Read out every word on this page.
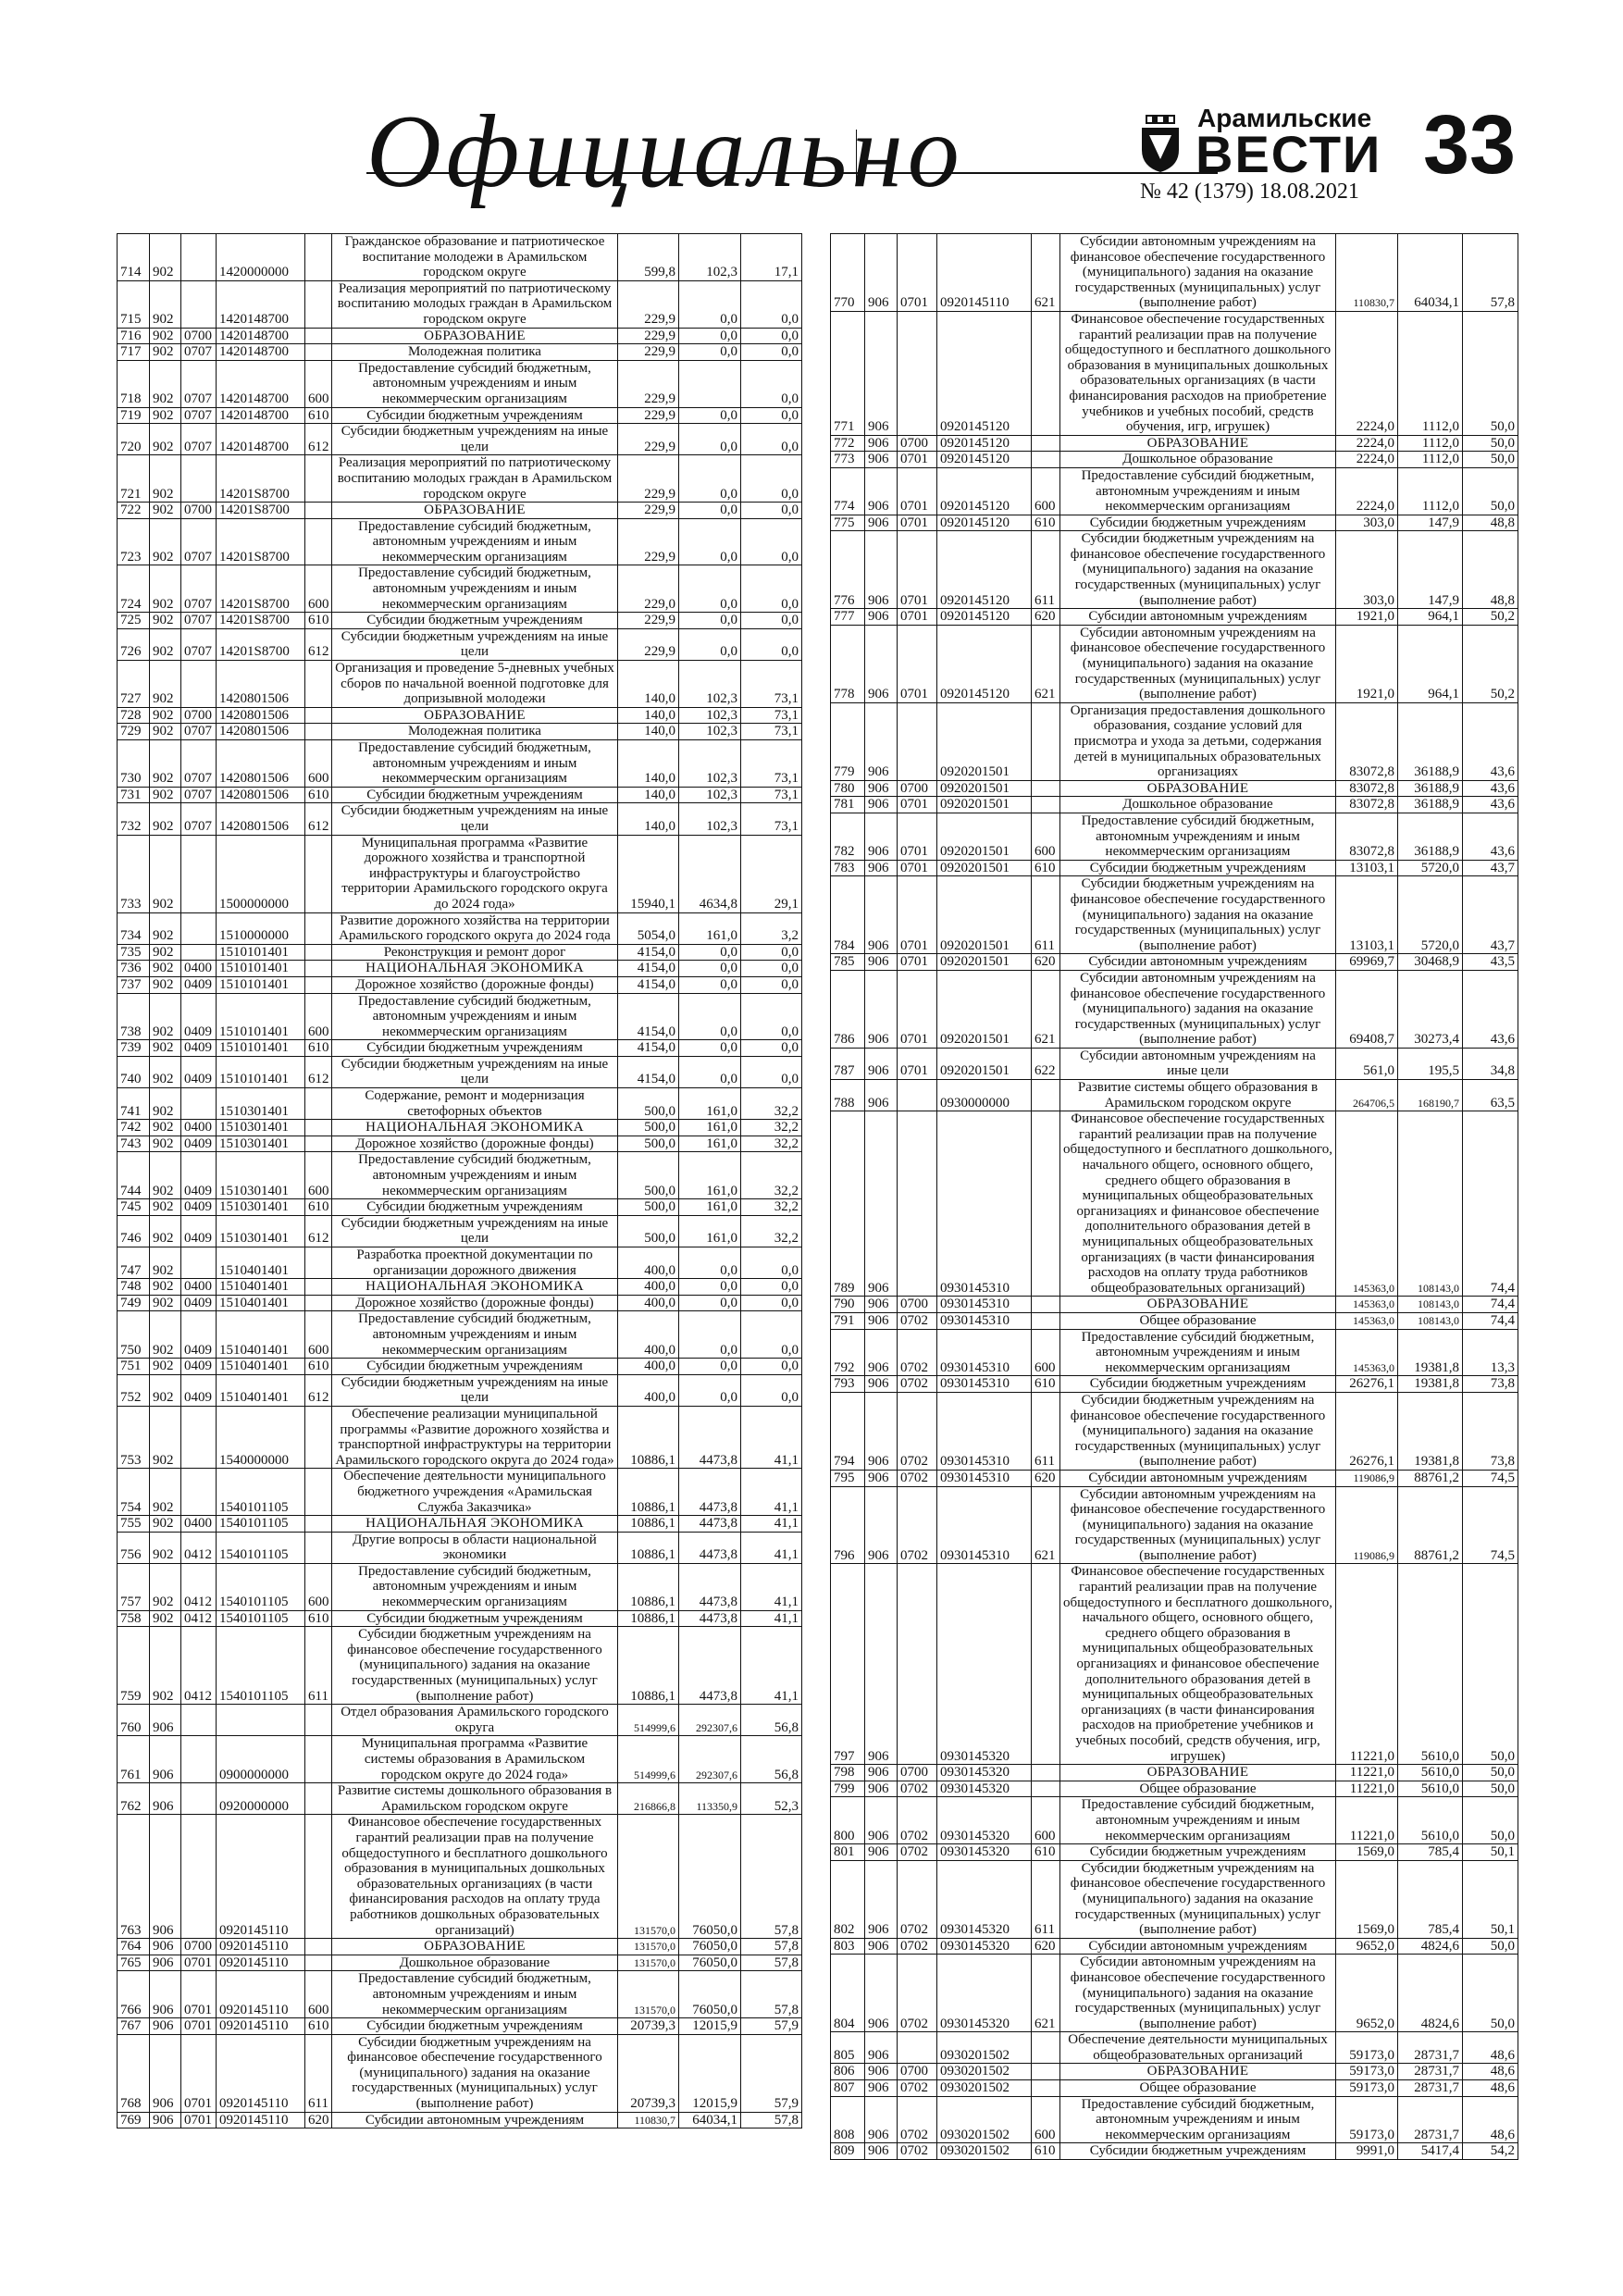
Официально	Арамильские
ВЕСТИ
№ 42 (1379) 18.08.2021 33
714	902		1420000000		Гражданское образование и патриотическое воспитание молодежи в Арамильском городском округе	599,8	102,3	17,1
715	902		1420148700		Реализация мероприятий по патриотическому воспитанию молодых граждан в Арамильском городском округе	229,9	0,0	0,0
716	902	0700	1420148700		ОБРАЗОВАНИЕ	229,9	0,0	0,0
717	902	0707	1420148700		Молодежная политика	229,9	0,0	0,0
718	902	0707	1420148700	600	Предоставление субсидий бюджетным, автономным учреждениям и иным некоммерческим организациям	229,9		0,0
719	902	0707	1420148700	610	Субсидии бюджетным учреждениям	229,9	0,0	0,0
720	902	0707	1420148700	612	Субсидии бюджетным учреждениям на иные цели	229,9	0,0	0,0
721	902		14201S8700		Реализация мероприятий по патриотическому воспитанию молодых граждан в Арамильском городском округе	229,9	0,0	0,0
722	902	0700	14201S8700		ОБРАЗОВАНИЕ	229,9	0,0	0,0
723	902	0707	14201S8700		Предоставление субсидий бюджетным, автономным учреждениям и иным некоммерческим организациям	229,9	0,0	0,0
724	902	0707	14201S8700	600	Предоставление субсидий бюджетным, автономным учреждениям и иным некоммерческим организациям	229,0	0,0	0,0
725	902	0707	14201S8700	610	Субсидии бюджетным учреждениям	229,9	0,0	0,0
726	902	0707	14201S8700	612	Субсидии бюджетным учреждениям на иные цели	229,9	0,0	0,0
727	902		1420801506		Организация и проведение 5-дневных учебных сборов по начальной военной подготовке для допризывной молодежи	140,0	102,3	73,1
728	902	0700	1420801506		ОБРАЗОВАНИЕ	140,0	102,3	73,1
729	902	0707	1420801506		Молодежная политика	140,0	102,3	73,1
730	902	0707	1420801506	600	Предоставление субсидий бюджетным, автономным учреждениям и иным некоммерческим организациям	140,0	102,3	73,1
731	902	0707	1420801506	610	Субсидии бюджетным учреждениям	140,0	102,3	73,1
732	902	0707	1420801506	612	Субсидии бюджетным учреждениям на иные цели	140,0	102,3	73,1
733	902		1500000000		Муниципальная программа «Развитие дорожного хозяйства и транспортной инфраструктуры и благоустройство территории Арамильского городского округа до 2024 года»	15940,1	4634,8	29,1
734	902		1510000000		Развитие дорожного хозяйства на территории Арамильского городского округа до 2024 года	5054,0	161,0	3,2
735	902		1510101401		Реконструкция и ремонт дорог	4154,0	0,0	0,0
736	902	0400	1510101401		НАЦИОНАЛЬНАЯ ЭКОНОМИКА	4154,0	0,0	0,0
737	902	0409	1510101401		Дорожное хозяйство (дорожные фонды)	4154,0	0,0	0,0
738	902	0409	1510101401	600	Предоставление субсидий бюджетным, автономным учреждениям и иным некоммерческим организациям	4154,0	0,0	0,0
739	902	0409	1510101401	610	Субсидии бюджетным учреждениям	4154,0	0,0	0,0
740	902	0409	1510101401	612	Субсидии бюджетным учреждениям на иные цели	4154,0	0,0	0,0
741	902		1510301401		Содержание, ремонт и модернизация светофорных объектов	500,0	161,0	32,2
742	902	0400	1510301401		НАЦИОНАЛЬНАЯ ЭКОНОМИКА	500,0	161,0	32,2
743	902	0409	1510301401		Дорожное хозяйство (дорожные фонды)	500,0	161,0	32,2
744	902	0409	1510301401	600	Предоставление субсидий бюджетным, автономным учреждениям и иным некоммерческим организациям	500,0	161,0	32,2
745	902	0409	1510301401	610	Субсидии бюджетным учреждениям	500,0	161,0	32,2
746	902	0409	1510301401	612	Субсидии бюджетным учреждениям на иные цели	500,0	161,0	32,2
747	902		1510401401		Разработка проектной документации по организации дорожного движения	400,0	0,0	0,0
748	902	0400	1510401401		НАЦИОНАЛЬНАЯ ЭКОНОМИКА	400,0	0,0	0,0
749	902	0409	1510401401		Дорожное хозяйство (дорожные фонды)	400,0	0,0	0,0
750	902	0409	1510401401	600	Предоставление субсидий бюджетным, автономным учреждениям и иным некоммерческим организациям	400,0	0,0	0,0
751	902	0409	1510401401	610	Субсидии бюджетным учреждениям	400,0	0,0	0,0
752	902	0409	1510401401	612	Субсидии бюджетным учреждениям на иные цели	400,0	0,0	0,0
753	902		1540000000		Обеспечение реализации муниципальной программы «Развитие дорожного хозяйства и транспортной инфраструктуры на территории Арамильского городского округа до 2024 года»	10886,1	4473,8	41,1
754	902		1540101105		Обеспечение деятельности муниципального бюджетного учреждения «Арамильская Служба Заказчика»	10886,1	4473,8	41,1
755	902	0400	1540101105		НАЦИОНАЛЬНАЯ ЭКОНОМИКА	10886,1	4473,8	41,1
756	902	0412	1540101105		Другие вопросы в области национальной экономики	10886,1	4473,8	41,1
757	902	0412	1540101105	600	Предоставление субсидий бюджетным, автономным учреждениям и иным некоммерческим организациям	10886,1	4473,8	41,1
758	902	0412	1540101105	610	Субсидии бюджетным учреждениям	10886,1	4473,8	41,1
759	902	0412	1540101105	611	Субсидии бюджетным учреждениям на финансовое обеспечение государственного (муниципального) задания на оказание государственных (муниципальных) услуг (выполнение работ)	10886,1	4473,8	41,1
760	906				Отдел образования Арамильского городского округа	514999,6	292307,6	56,8
761	906		0900000000		Муниципальная программа «Развитие системы образования в Арамильском городском округе до 2024 года»	514999,6	292307,6	56,8
762	906		0920000000		Развитие системы дошкольного образования в Арамильском городском округе	216866,8	113350,9	52,3
763	906		0920145110		Финансовое обеспечение государственных гарантий реализации прав на получение общедоступного и бесплатного дошкольного образования в муниципальных дошкольных образовательных организациях (в части финансирования расходов на оплату труда работников дошкольных образовательных организаций)	131570,0	76050,0	57,8
764	906	0700	0920145110		ОБРАЗОВАНИЕ	131570,0	76050,0	57,8
765	906	0701	0920145110		Дошкольное образование	131570,0	76050,0	57,8
766	906	0701	0920145110	600	Предоставление субсидий бюджетным, автономным учреждениям и иным некоммерческим организациям	131570,0	76050,0	57,8
767	906	0701	0920145110	610	Субсидии бюджетным учреждениям	20739,3	12015,9	57,9
768	906	0701	0920145110	611	Субсидии бюджетным учреждениям на финансовое обеспечение государственного (муниципального) задания на оказание государственных (муниципальных) услуг (выполнение работ)	20739,3	12015,9	57,9
769	906	0701	0920145110	620	Субсидии автономным учреждениям	110830,7	64034,1	57,8
770	906	0701	0920145110	621	Субсидии автономным учреждениям на финансовое обеспечение государственного (муниципального) задания на оказание государственных (муниципальных) услуг (выполнение работ)	110830,7	64034,1	57,8
771	906		0920145120		Финансовое обеспечение государственных гарантий реализации прав на получение общедоступного и бесплатного дошкольного образования в муниципальных дошкольных образовательных организациях (в части финансирования расходов на приобретение учебников и учебных пособий, средств обучения, игр, игрушек)	2224,0	1112,0	50,0
772	906	0700	0920145120		ОБРАЗОВАНИЕ	2224,0	1112,0	50,0
773	906	0701	0920145120		Дошкольное образование	2224,0	1112,0	50,0
774	906	0701	0920145120	600	Предоставление субсидий бюджетным, автономным учреждениям и иным некоммерческим организациям	2224,0	1112,0	50,0
775	906	0701	0920145120	610	Субсидии бюджетным учреждениям	303,0	147,9	48,8
776	906	0701	0920145120	611	Субсидии бюджетным учреждениям на финансовое обеспечение государственного (муниципального) задания на оказание государственных (муниципальных) услуг (выполнение работ)	303,0	147,9	48,8
777	906	0701	0920145120	620	Субсидии автономным учреждениям	1921,0	964,1	50,2
778	906	0701	0920145120	621	Субсидии автономным учреждениям на финансовое обеспечение государственного (муниципального) задания на оказание государственных (муниципальных) услуг (выполнение работ)	1921,0	964,1	50,2
779	906		0920201501		Организация предоставления дошкольного образования, создание условий для присмотра и ухода за детьми, содержания детей в муниципальных образовательных организациях	83072,8	36188,9	43,6
780	906	0700	0920201501		ОБРАЗОВАНИЕ	83072,8	36188,9	43,6
781	906	0701	0920201501		Дошкольное образование	83072,8	36188,9	43,6
782	906	0701	0920201501	600	Предоставление субсидий бюджетным, автономным учреждениям и иным некоммерческим организациям	83072,8	36188,9	43,6
783	906	0701	0920201501	610	Субсидии бюджетным учреждениям	13103,1	5720,0	43,7
784	906	0701	0920201501	611	Субсидии бюджетным учреждениям на финансовое обеспечение государственного (муниципального) задания на оказание государственных (муниципальных) услуг (выполнение работ)	13103,1	5720,0	43,7
785	906	0701	0920201501	620	Субсидии автономным учреждениям	69969,7	30468,9	43,5
786	906	0701	0920201501	621	Субсидии автономным учреждениям на финансовое обеспечение государственного (муниципального) задания на оказание государственных (муниципальных) услуг (выполнение работ)	69408,7	30273,4	43,6
787	906	0701	0920201501	622	Субсидии автономным учреждениям на иные цели	561,0	195,5	34,8
788	906		0930000000		Развитие системы общего образования в Арамильском городском округе	264706,5	168190,7	63,5
789	906		0930145310		Финансовое обеспечение государственных гарантий реализации прав на получение общедоступного и бесплатного дошкольного, начального общего, основного общего, среднего общего образования в муниципальных общеобразовательных организациях и финансовое обеспечение дополнительного образования детей в муниципальных общеобразовательных организациях (в части финансирования расходов на оплату труда работников общеобразовательных организаций)	145363,0	108143,0	74,4
790	906	0700	0930145310		ОБРАЗОВАНИЕ	145363,0	108143,0	74,4
791	906	0702	0930145310		Общее образование	145363,0	108143,0	74,4
792	906	0702	0930145310	600	Предоставление субсидий бюджетным, автономным учреждениям и иным некоммерческим организациям	145363,0	19381,8	13,3
793	906	0702	0930145310	610	Субсидии бюджетным учреждениям	26276,1	19381,8	73,8
794	906	0702	0930145310	611	Субсидии бюджетным учреждениям на финансовое обеспечение государственного (муниципального) задания на оказание государственных (муниципальных) услуг (выполнение работ)	26276,1	19381,8	73,8
795	906	0702	0930145310	620	Субсидии автономным учреждениям	119086,9	88761,2	74,5
796	906	0702	0930145310	621	Субсидии автономным учреждениям на финансовое обеспечение государственного (муниципального) задания на оказание государственных (муниципальных) услуг (выполнение работ)	119086,9	88761,2	74,5
797	906		0930145320		Финансовое обеспечение государственных гарантий реализации прав на получение общедоступного и бесплатного дошкольного, начального общего, основного общего, среднего общего образования в муниципальных общеобразовательных организациях и финансовое обеспечение дополнительного образования детей в муниципальных общеобразовательных организациях (в части финансирования расходов на приобретение учебников и учебных пособий, средств обучения, игр, игрушек)	11221,0	5610,0	50,0
798	906	0700	0930145320		ОБРАЗОВАНИЕ	11221,0	5610,0	50,0
799	906	0702	0930145320		Общее образование	11221,0	5610,0	50,0
800	906	0702	0930145320	600	Предоставление субсидий бюджетным, автономным учреждениям и иным некоммерческим организациям	11221,0	5610,0	50,0
801	906	0702	0930145320	610	Субсидии бюджетным учреждениям	1569,0	785,4	50,1
802	906	0702	0930145320	611	Субсидии бюджетным учреждениям на финансовое обеспечение государственного (муниципального) задания на оказание государственных (муниципальных) услуг (выполнение работ)	1569,0	785,4	50,1
803	906	0702	0930145320	620	Субсидии автономным учреждениям	9652,0	4824,6	50,0
804	906	0702	0930145320	621	Субсидии автономным учреждениям на финансовое обеспечение государственного (муниципального) задания на оказание государственных (муниципальных) услуг (выполнение работ)	9652,0	4824,6	50,0
805	906		0930201502		Обеспечение деятельности муниципальных общеобразовательных организаций	59173,0	28731,7	48,6
806	906	0700	0930201502		ОБРАЗОВАНИЕ	59173,0	28731,7	48,6
807	906	0702	0930201502		Общее образование	59173,0	28731,7	48,6
808	906	0702	0930201502	600	Предоставление субсидий бюджетным, автономным учреждениям и иным некоммерческим организациям	59173,0	28731,7	48,6
809	906	0702	0930201502	610	Субсидии бюджетным учреждениям	9991,0	5417,4	54,2
